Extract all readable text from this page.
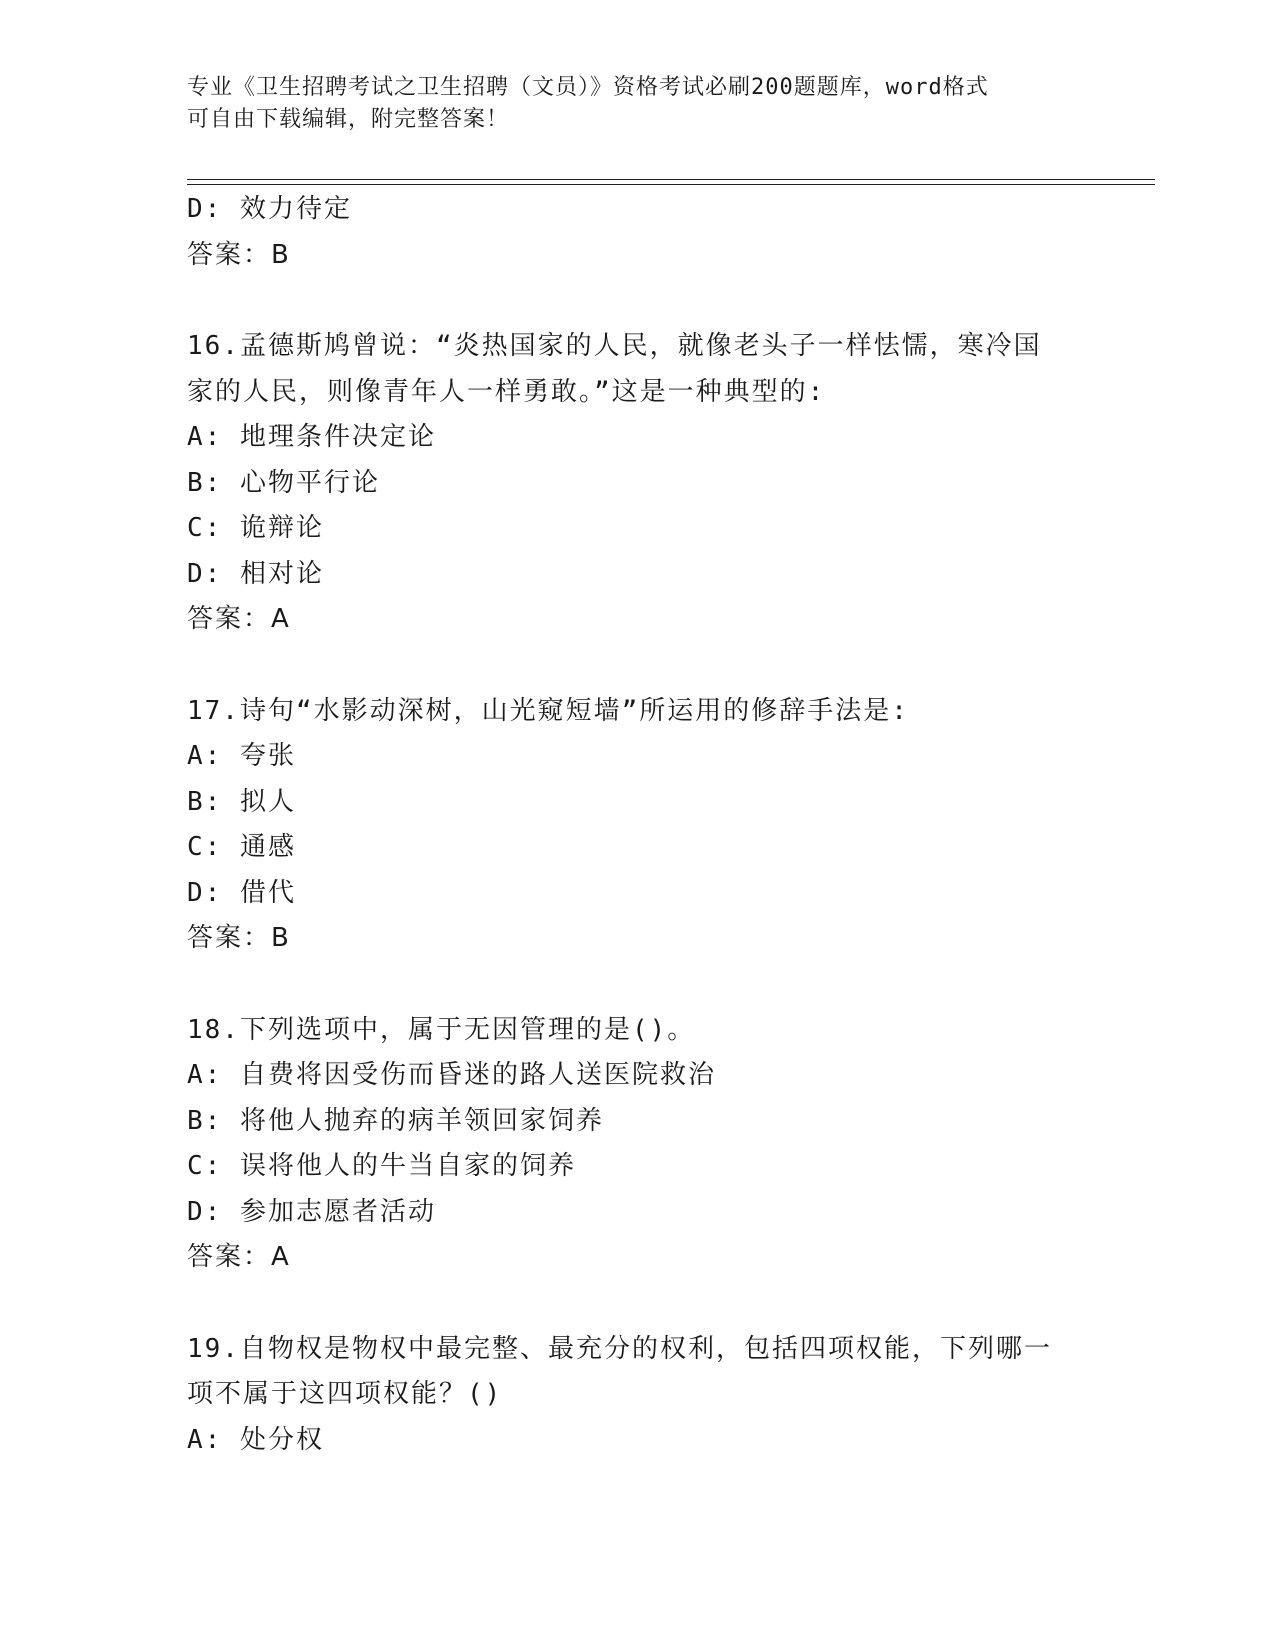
专业《卫生招聘考试之卫生招聘（文员）》资格考试必刷200题题库，word格式
可自由下载编辑，附完整答案！
D: 效力待定
答案：B
16.孟德斯鸠曾说：“炎热国家的人民，就像老头子一样怯懦，寒冷国
家的人民，则像青年人一样勇敢。”这是一种典型的:
A: 地理条件决定论
B: 心物平行论
C: 诡辩论
D: 相对论
答案：A
17.诗句“水影动深树，山光窥短墙”所运用的修辞手法是:
A: 夸张
B: 拟人
C: 通感
D: 借代
答案：B
18.下列选项中，属于无因管理的是()。
A: 自费将因受伤而昏迷的路人送医院救治
B: 将他人抛弃的病羊领回家饲养
C: 误将他人的牛当自家的饲养
D: 参加志愿者活动
答案：A
19.自物权是物权中最完整、最充分的权利，包括四项权能，下列哪一
项不属于这四项权能？()
A: 处分权
